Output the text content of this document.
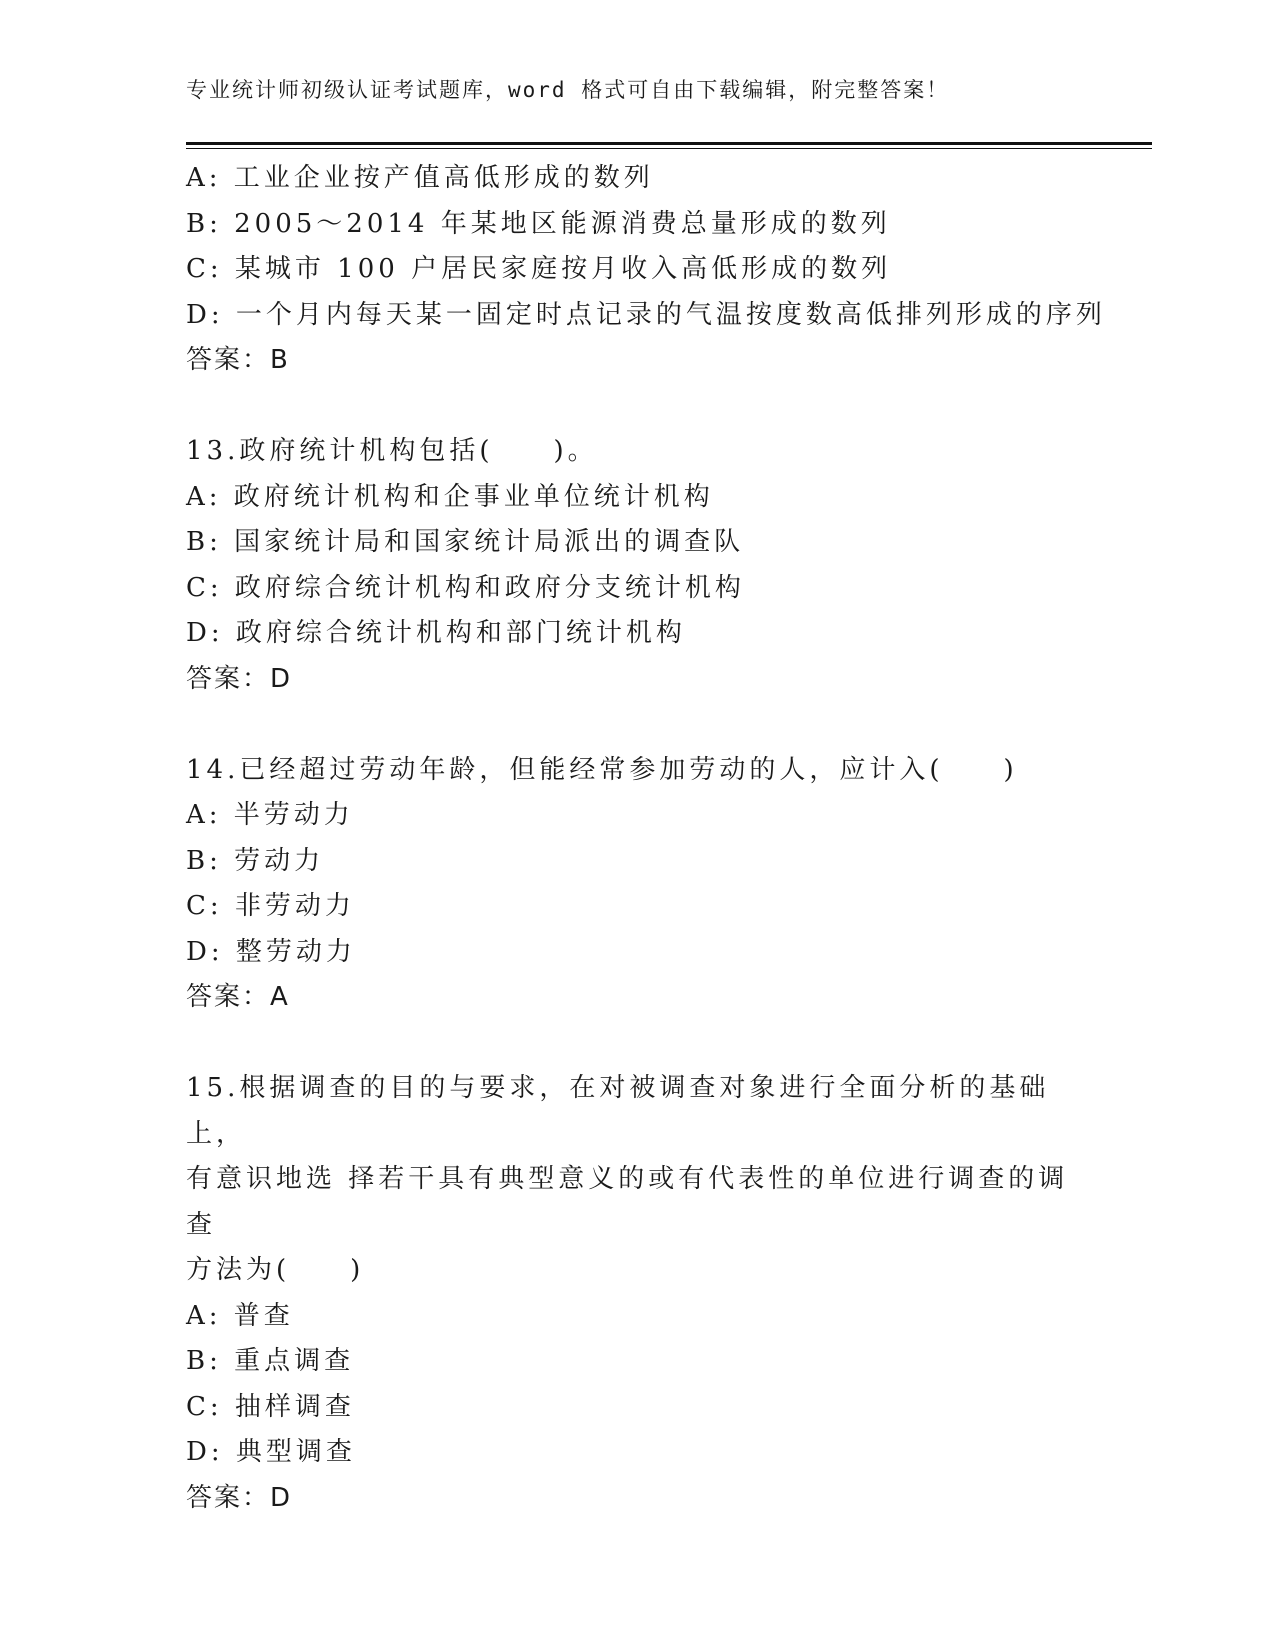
专业统计师初级认证考试题库，word 格式可自由下载编辑，附完整答案！
A: 工业企业按产值高低形成的数列
B: 2005～2014 年某地区能源消费总量形成的数列
C: 某城市 100 户居民家庭按月收入高低形成的数列
D: 一个月内每天某一固定时点记录的气温按度数高低排列形成的序列
答案：B
13.政府统计机构包括(　　)。
A: 政府统计机构和企事业单位统计机构
B: 国家统计局和国家统计局派出的调查队
C: 政府综合统计机构和政府分支统计机构
D: 政府综合统计机构和部门统计机构
答案：D
14.已经超过劳动年龄，但能经常参加劳动的人，应计入(　　)
A: 半劳动力
B: 劳动力
C: 非劳动力
D: 整劳动力
答案：A
15.根据调查的目的与要求，在对被调查对象进行全面分析的基础上，
有意识地选 择若干具有典型意义的或有代表性的单位进行调查的调查
方法为(　　)
A: 普查
B: 重点调查
C: 抽样调查
D: 典型调查
答案：D
